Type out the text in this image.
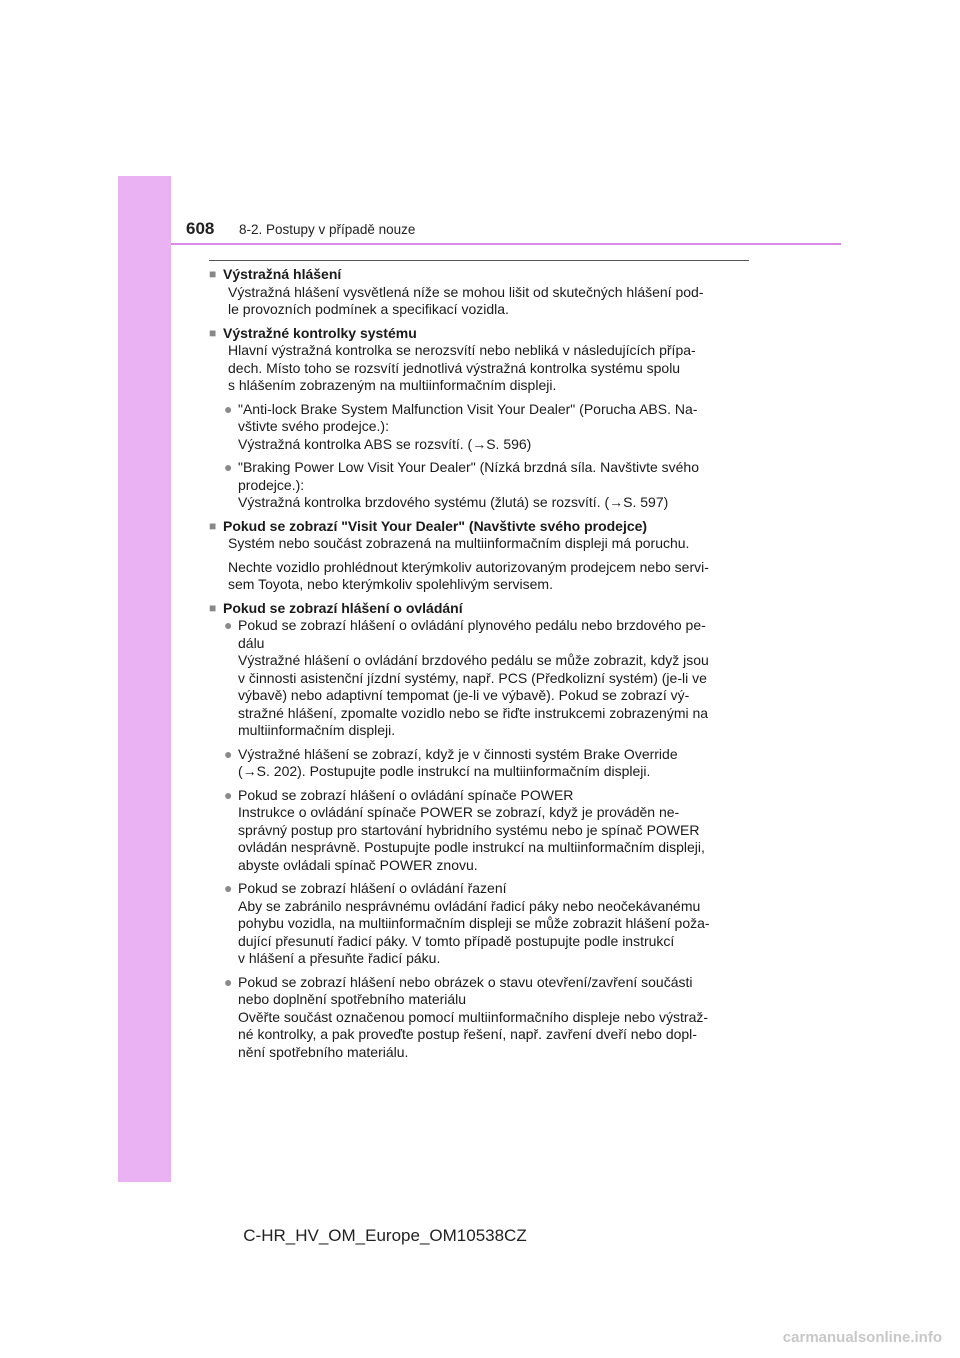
608 8-2. Postupy v případě nouze
■ Výstražná hlášení
Výstražná hlášení vysvětlená níže se mohou lišit od skutečných hlášení pod-
le provozních podmínek a specifikací vozidla.
■ Výstražné kontrolky systému
Hlavní výstražná kontrolka se nerozsvítí nebo nebliká v následujících přípa-
dech. Místo toho se rozsvítí jednotlivá výstražná kontrolka systému spolu
s hlášením zobrazeným na multiinformačním displeji.
● "Anti-lock Brake System Malfunction Visit Your Dealer" (Porucha ABS. Na-
vštivte svého prodejce.):
Výstražná kontrolka ABS se rozsvítí. (→S. 596)
● "Braking Power Low Visit Your Dealer" (Nízká brzdná síla. Navštivte svého
prodejce.):
Výstražná kontrolka brzdového systému (žlutá) se rozsvítí. (→S. 597)
■ Pokud se zobrazí "Visit Your Dealer" (Navštivte svého prodejce)
Systém nebo součást zobrazená na multiinformačním displeji má poruchu.
Nechte vozidlo prohlédnout kterýmkoliv autorizovaným prodejcem nebo servi-
sem Toyota, nebo kterýmkoliv spolehlivým servisem.
■ Pokud se zobrazí hlášení o ovládání
● Pokud se zobrazí hlášení o ovládání plynového pedálu nebo brzdového pe-
dálu
Výstražné hlášení o ovládání brzdového pedálu se může zobrazit, když jsou
v činnosti asistenční jízdní systémy, např. PCS (Předkolizní systém) (je-li ve
výbavě) nebo adaptivní tempomat (je-li ve výbavě). Pokud se zobrazí vý-
stražné hlášení, zpomalte vozidlo nebo se řiďte instrukcemi zobrazenými na
multiinformačním displeji.
● Výstražné hlášení se zobrazí, když je v činnosti systém Brake Override
(→S. 202). Postupujte podle instrukcí na multiinformačním displeji.
● Pokud se zobrazí hlášení o ovládání spínače POWER
Instrukce o ovládání spínače POWER se zobrazí, když je prováděn ne-
správný postup pro startování hybridního systému nebo je spínač POWER
ovládán nesprávně. Postupujte podle instrukcí na multiinformačním displeji,
abyste ovládali spínač POWER znovu.
● Pokud se zobrazí hlášení o ovládání řazení
Aby se zabránilo nesprávnému ovládání řadicí páky nebo neočekávanému
pohybu vozidla, na multiinformačním displeji se může zobrazit hlášení poža-
dující přesunutí řadicí páky. V tomto případě postupujte podle instrukcí
v hlášení a přesuňte řadicí páku.
● Pokud se zobrazí hlášení nebo obrázek o stavu otevření/zavření součásti
nebo doplnění spotřebního materiálu
Ověřte součást označenou pomocí multiinformačního displeje nebo výstraž-
né kontrolky, a pak proveďte postup řešení, např. zavření dveří nebo dopl-
nění spotřebního materiálu.
C-HR_HV_OM_Europe_OM10538CZ
carmanualsonline.info
